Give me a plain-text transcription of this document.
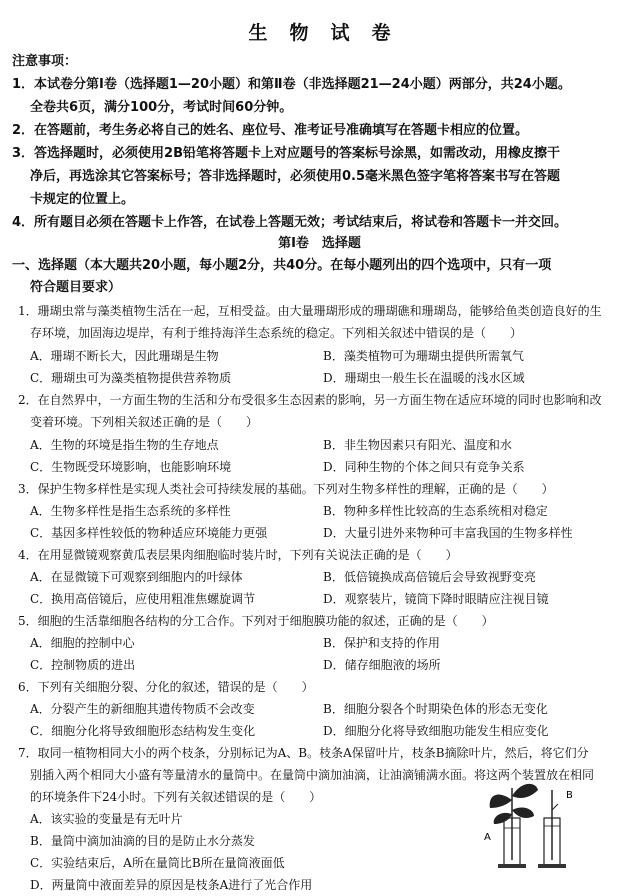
生物试卷
注意事项：
1．本试卷分第Ⅰ卷（选择题1—20小题）和第Ⅱ卷（非选择题21—24小题）两部分，共24小题。
全卷共6页，满分100分，考试时间60分钟。
2．在答题前，考生务必将自己的姓名、座位号、准考证号准确填写在答题卡相应的位置。
3．答选择题时，必须使用2B铅笔将答题卡上对应题号的答案标号涂黑，如需改动，用橡皮擦干
净后，再选涂其它答案标号；答非选择题时，必须使用0.5毫米黑色签字笔将答案书写在答题
卡规定的位置上。
4．所有题目必须在答题卡上作答，在试卷上答题无效；考试结束后，将试卷和答题卡一并交回。
第Ⅰ卷　选择题
一、选择题（本大题共20小题，每小题2分，共40分。在每小题列出的四个选项中，只有一项
符合题目要求）
1．珊瑚虫常与藻类植物生活在一起，互相受益。由大量珊瑚形成的珊瑚礁和珊瑚岛，能够给鱼类创造良好的生
存环境，加固海边堤岸，有利于维持海洋生态系统的稳定。下列相关叙述中错误的是（　　）
A．珊瑚不断长大，因此珊瑚是生物	B．藻类植物可为珊瑚虫提供所需氧气
C．珊瑚虫可为藻类植物提供营养物质	D．珊瑚虫一般生长在温暖的浅水区域
2．在自然界中，一方面生物的生活和分布受很多生态因素的影响，另一方面生物在适应环境的同时也影响和改
变着环境。下列相关叙述正确的是（　　）
A．生物的环境是指生物的生存地点	B．非生物因素只有阳光、温度和水
C．生物既受环境影响，也能影响环境	D．同种生物的个体之间只有竞争关系
3．保护生物多样性是实现人类社会可持续发展的基础。下列对生物多样性的理解，正确的是（　　）
A．生物多样性是指生态系统的多样性	B．物种多样性比较高的生态系统相对稳定
C．基因多样性较低的物种适应环境能力更强	D．大量引进外来物种可丰富我国的生物多样性
4．在用显微镜观察黄瓜表层果肉细胞临时装片时，下列有关说法正确的是（　　）
A．在显微镜下可观察到细胞内的叶绿体	B．低倍镜换成高倍镜后会导致视野变亮
C．换用高倍镜后，应使用粗准焦螺旋调节	D．观察装片，镜筒下降时眼睛应注视目镜
5．细胞的生活靠细胞各结构的分工合作。下列对于细胞膜功能的叙述，正确的是（　　）
A．细胞的控制中心	B．保护和支持的作用
C．控制物质的进出	D．储存细胞液的场所
6．下列有关细胞分裂、分化的叙述，错误的是（　　）
A．分裂产生的新细胞其遗传物质不会改变	B．细胞分裂各个时期染色体的形态无变化
C．细胞分化将导致细胞形态结构发生变化	D．细胞分化将导致细胞功能发生相应变化
7．取同一植物相同大小的两个枝条，分别标记为A、B。枝条A保留叶片，枝条B摘除叶片，然后，将它们分
别插入两个相同大小盛有等量清水的量筒中。在量筒中滴加油滴，让油滴铺满水面。将这两个装置放在相同
的环境条件下24小时。下列有关叙述错误的是（　　）
A．该实验的变量是有无叶片
B．量筒中滴加油滴的目的是防止水分蒸发
C．实验结束后，A所在量筒比B所在量筒液面低
D．两量筒中液面差异的原因是枝条A进行了光合作用
A
B
